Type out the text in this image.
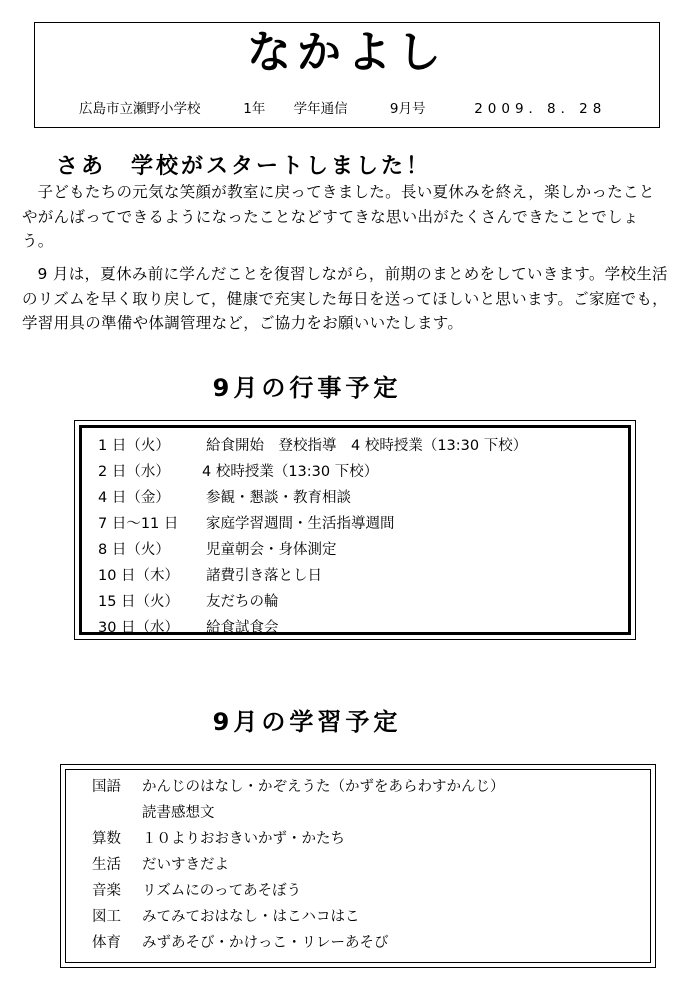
なかよし
広島市立瀬野小学校	1年 学年通信	9月号	2009．8．28
さあ　学校がスタートしました！

子どもたちの元気な笑顔が教室に戻ってきました。長い夏休みを終え，楽しかったことやがんばってできるようになったことなどすてきな思い出がたくさんできたことでしょう。

9 月は，夏休み前に学んだことを復習しながら，前期のまとめをしていきます。学校生活のリズムを早く取り戻して，健康で充実した毎日を送ってほしいと思います。ご家庭でも，学習用具の準備や体調管理など，ご協力をお願いいたします。

9月の行事予定
1 日（火） 給食開始　登校指導　4 校時授業（13:30 下校）
2 日（水） 4 校時授業（13:30 下校）
4 日（金） 参観・懇談・教育相談
7 日～11 日 家庭学習週間・生活指導週間
8 日（火） 児童朝会・身体測定
10 日（木） 諸費引き落とし日
15 日（火） 友だちの輪
30 日（水） 給食試食会
9月の学習予定
国語 かんじのはなし・かぞえうた（かずをあらわすかんじ）
読書感想文
算数 １０よりおおきいかず・かたち
生活 だいすきだよ
音楽 リズムにのってあそぼう
図工 みてみておはなし・はこハコはこ
体育 みずあそび・かけっこ・リレーあそび
